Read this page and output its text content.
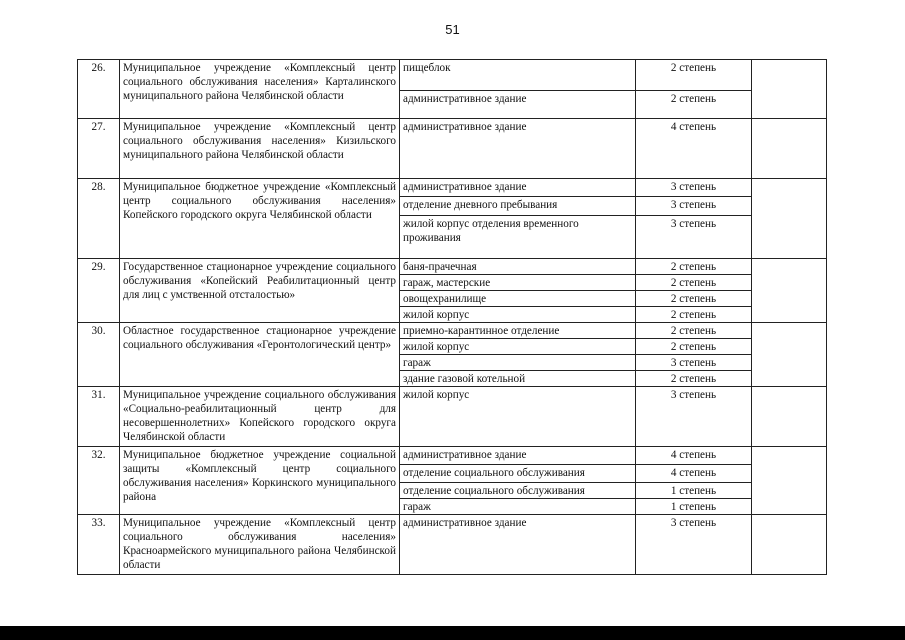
51
26.	Муниципальное учреждение «Комплексный центр социального обслуживания населения» Карталинского муниципального района Челябинской области	пищеблок	2 степень	
		административное здание	2 степень	
27.	Муниципальное учреждение «Комплексный центр социального обслуживания населения» Кизильского муниципального района Челябинской области	административное здание	4 степень	
28.	Муниципальное бюджетное учреждение «Комплексный центр социального обслуживания населения» Копейского городского округа Челябинской области	административное здание	3 степень	
		отделение дневного пребывания	3 степень	
		жилой корпус отделения временного проживания	3 степень	
29.	Государственное стационарное учреждение социального обслуживания «Копейский Реабилитационный центр для лиц с умственной отсталостью»	баня-прачечная	2 степень	
		гараж, мастерские	2 степень	
		овощехранилище	2 степень	
		жилой корпус	2 степень	
30.	Областное государственное стационарное учреждение социального обслуживания «Геронтологический центр»	приемно-карантинное отделение	2 степень	
		жилой корпус	2 степень	
		гараж	3 степень	
		здание газовой котельной	2 степень	
31.	Муниципальное учреждение социального обслуживания «Социально-реабилитационный центр для несовершеннолетних» Копейского городского округа Челябинской области	жилой корпус	3 степень	
32.	Муниципальное бюджетное учреждение социальной защиты «Комплексный центр социального обслуживания населения» Коркинского муниципального района	административное здание	4 степень	
		отделение социального обслуживания	4 степень	
		отделение социального обслуживания	1 степень	
		гараж	1 степень	
33.	Муниципальное учреждение «Комплексный центр социального обслуживания населения» Красноармейского муниципального района Челябинской области	административное здание	3 степень	
